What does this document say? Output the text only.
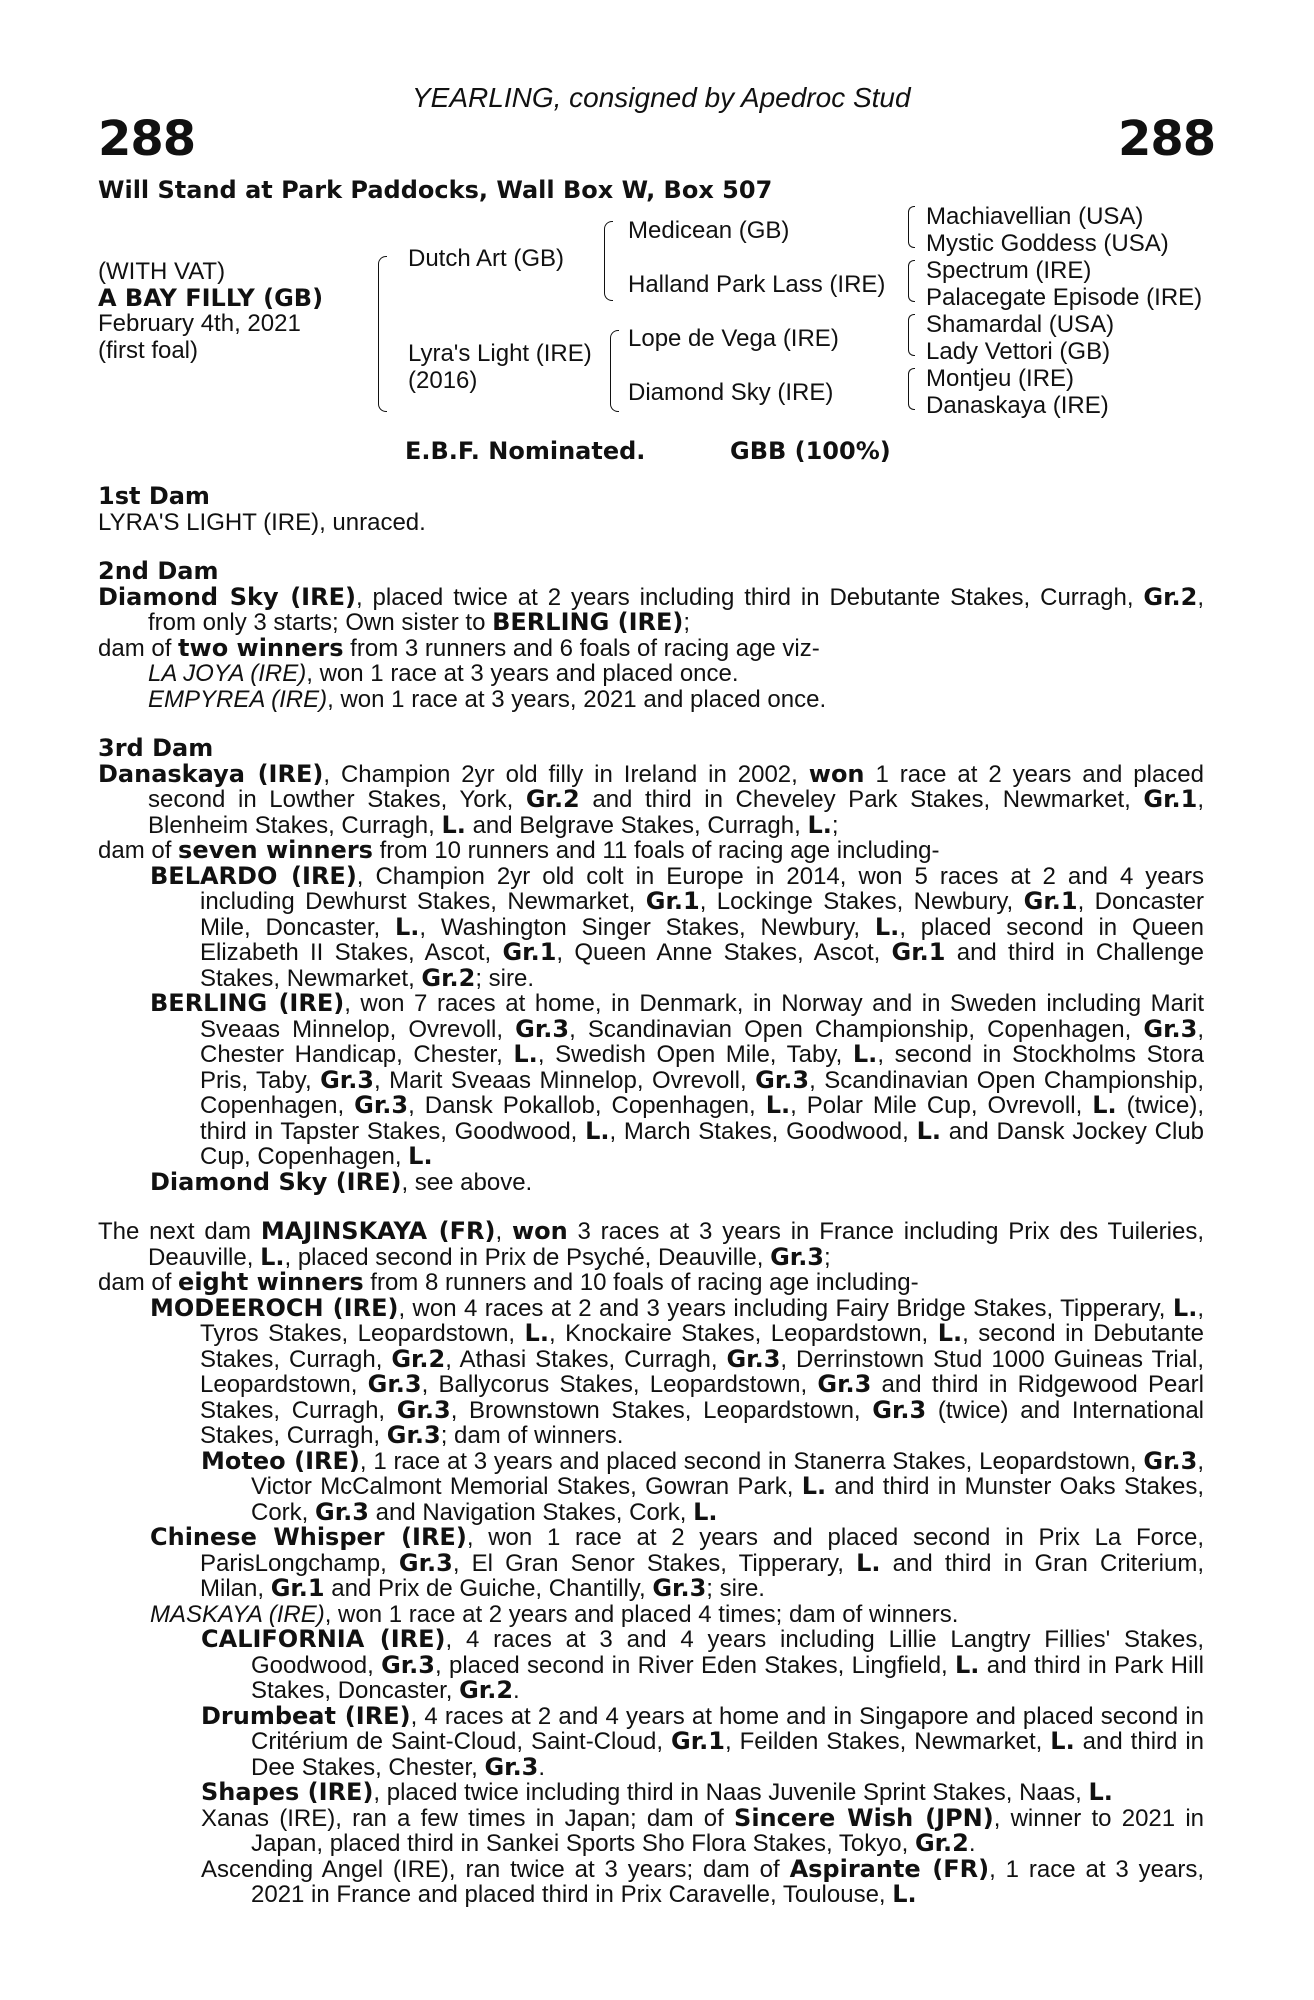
YEARLING, consigned by Apedroc Stud
288	288
Will Stand at Park Paddocks, Wall Box W, Box 507
(WITH VAT)
A BAY FILLY (GB)
February 4th, 2021
(first foal)
Dutch Art (GB)
Lyra's Light (IRE)
(2016)
Medicean (GB)
Halland Park Lass (IRE)
Lope de Vega (IRE)
Diamond Sky (IRE)
Machiavellian (USA)
Mystic Goddess (USA)
Spectrum (IRE)
Palacegate Episode (IRE)
Shamardal (USA)
Lady Vettori (GB)
Montjeu (IRE)
Danaskaya (IRE)
E.B.F. Nominated.	GBB (100%)
1st Dam

LYRA'S LIGHT (IRE), unraced.

2nd Dam

Diamond Sky (IRE), placed twice at 2 years including third in Debutante Stakes, Curragh, Gr.2, from only 3 starts; Own sister to BERLING (IRE);

dam of two winners from 3 runners and 6 foals of racing age viz-

LA JOYA (IRE), won 1 race at 3 years and placed once.

EMPYREA (IRE), won 1 race at 3 years, 2021 and placed once.

3rd Dam

Danaskaya (IRE), Champion 2yr old filly in Ireland in 2002, won 1 race at 2 years and placed second in Lowther Stakes, York, Gr.2 and third in Cheveley Park Stakes, Newmarket, Gr.1, Blenheim Stakes, Curragh, L. and Belgrave Stakes, Curragh, L.;

dam of seven winners from 10 runners and 11 foals of racing age including-

BELARDO (IRE), Champion 2yr old colt in Europe in 2014, won 5 races at 2 and 4 years including Dewhurst Stakes, Newmarket, Gr.1, Lockinge Stakes, Newbury, Gr.1, Doncaster Mile, Doncaster, L., Washington Singer Stakes, Newbury, L., placed second in Queen Elizabeth II Stakes, Ascot, Gr.1, Queen Anne Stakes, Ascot, Gr.1 and third in Challenge Stakes, Newmarket, Gr.2; sire.

BERLING (IRE), won 7 races at home, in Denmark, in Norway and in Sweden including Marit Sveaas Minnelop, Ovrevoll, Gr.3, Scandinavian Open Championship, Copenhagen, Gr.3, Chester Handicap, Chester, L., Swedish Open Mile, Taby, L., second in Stockholms Stora Pris, Taby, Gr.3, Marit Sveaas Minnelop, Ovrevoll, Gr.3, Scandinavian Open Championship, Copenhagen, Gr.3, Dansk Pokallob, Copenhagen, L., Polar Mile Cup, Ovrevoll, L. (twice), third in Tapster Stakes, Goodwood, L., March Stakes, Goodwood, L. and Dansk Jockey Club Cup, Copenhagen, L.

Diamond Sky (IRE), see above.

The next dam MAJINSKAYA (FR), won 3 races at 3 years in France including Prix des Tuileries, Deauville, L., placed second in Prix de Psyché, Deauville, Gr.3;

dam of eight winners from 8 runners and 10 foals of racing age including-

MODEEROCH (IRE), won 4 races at 2 and 3 years including Fairy Bridge Stakes, Tipperary, L., Tyros Stakes, Leopardstown, L., Knockaire Stakes, Leopardstown, L., second in Debutante Stakes, Curragh, Gr.2, Athasi Stakes, Curragh, Gr.3, Derrinstown Stud 1000 Guineas Trial, Leopardstown, Gr.3, Ballycorus Stakes, Leopardstown, Gr.3 and third in Ridgewood Pearl Stakes, Curragh, Gr.3, Brownstown Stakes, Leopardstown, Gr.3 (twice) and International Stakes, Curragh, Gr.3; dam of winners.

Moteo (IRE), 1 race at 3 years and placed second in Stanerra Stakes, Leopardstown, Gr.3, Victor McCalmont Memorial Stakes, Gowran Park, L. and third in Munster Oaks Stakes, Cork, Gr.3 and Navigation Stakes, Cork, L.

Chinese Whisper (IRE), won 1 race at 2 years and placed second in Prix La Force, ParisLongchamp, Gr.3, El Gran Senor Stakes, Tipperary, L. and third in Gran Criterium, Milan, Gr.1 and Prix de Guiche, Chantilly, Gr.3; sire.

MASKAYA (IRE), won 1 race at 2 years and placed 4 times; dam of winners.

CALIFORNIA (IRE), 4 races at 3 and 4 years including Lillie Langtry Fillies' Stakes, Goodwood, Gr.3, placed second in River Eden Stakes, Lingfield, L. and third in Park Hill Stakes, Doncaster, Gr.2.

Drumbeat (IRE), 4 races at 2 and 4 years at home and in Singapore and placed second in Critérium de Saint-Cloud, Saint-Cloud, Gr.1, Feilden Stakes, Newmarket, L. and third in Dee Stakes, Chester, Gr.3.

Shapes (IRE), placed twice including third in Naas Juvenile Sprint Stakes, Naas, L.

Xanas (IRE), ran a few times in Japan; dam of Sincere Wish (JPN), winner to 2021 in Japan, placed third in Sankei Sports Sho Flora Stakes, Tokyo, Gr.2.

Ascending Angel (IRE), ran twice at 3 years; dam of Aspirante (FR), 1 race at 3 years, 2021 in France and placed third in Prix Caravelle, Toulouse, L.
